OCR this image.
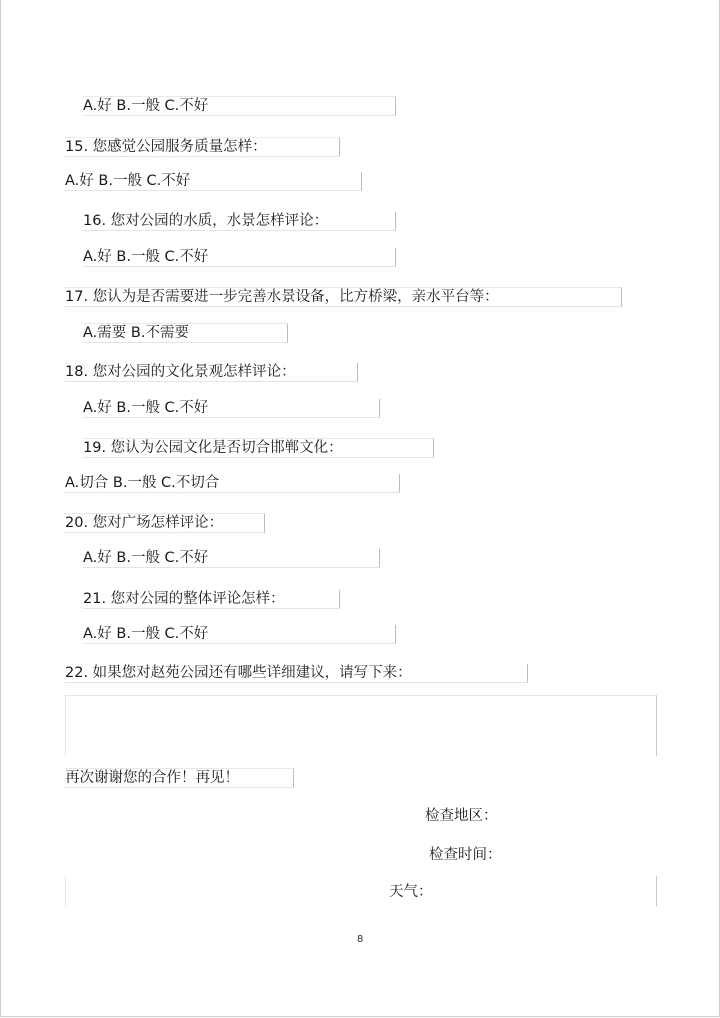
A.好 B.一般 C.不好
15. 您感觉公园服务质量怎样：
A.好 B.一般 C.不好
16. 您对公园的水质，水景怎样评论：
A.好 B.一般 C.不好
17. 您认为是否需要进一步完善水景设备，比方桥梁，亲水平台等：
A.需要 B.不需要
18. 您对公园的文化景观怎样评论：
A.好 B.一般 C.不好
19. 您认为公园文化是否切合邯郸文化：
A.切合 B.一般 C.不切合
20. 您对广场怎样评论：
A.好 B.一般 C.不好
21. 您对公园的整体评论怎样：
A.好 B.一般 C.不好
22. 如果您对赵苑公园还有哪些详细建议，请写下来：
再次谢谢您的合作！再见！
检查地区：
检查时间：
天气：
8
